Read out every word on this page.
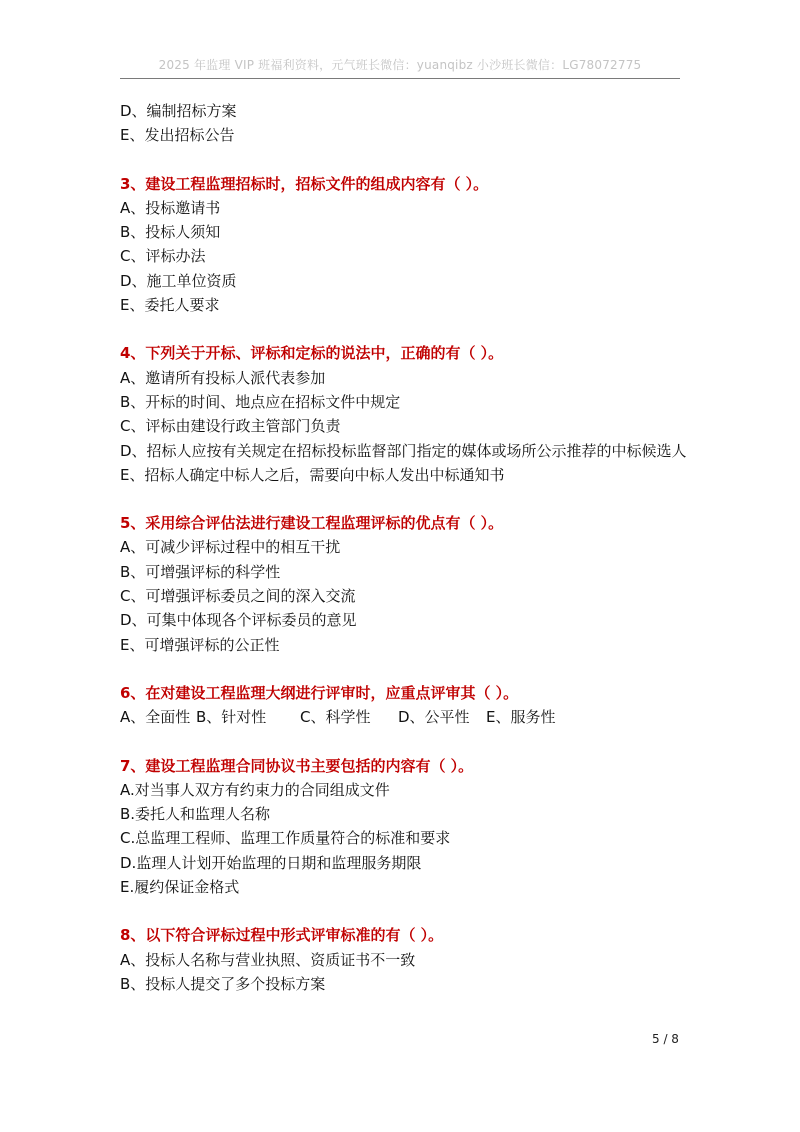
2025 年监理 VIP 班福利资料，元气班长微信：yuanqibz 小沙班长微信：LG78072775
D、编制招标方案
E、发出招标公告
3、建设工程监理招标时，招标文件的组成内容有（ ）。
A、投标邀请书
B、投标人须知
C、评标办法
D、施工单位资质
E、委托人要求
4、下列关于开标、评标和定标的说法中，正确的有（ ）。
A、邀请所有投标人派代表参加
B、开标的时间、地点应在招标文件中规定
C、评标由建设行政主管部门负责
D、招标人应按有关规定在招标投标监督部门指定的媒体或场所公示推荐的中标候选人
E、招标人确定中标人之后，需要向中标人发出中标通知书
5、采用综合评估法进行建设工程监理评标的优点有（ ）。
A、可减少评标过程中的相互干扰
B、可增强评标的科学性
C、可增强评标委员之间的深入交流
D、可集中体现各个评标委员的意见
E、可增强评标的公正性
6、在对建设工程监理大纲进行评审时，应重点评审其（ ）。
A、全面性 B、针对性	C、科学性	D、公平性	E、服务性
7、建设工程监理合同协议书主要包括的内容有（ ）。
A.对当事人双方有约束力的合同组成文件
B.委托人和监理人名称
C.总监理工程师、监理工作质量符合的标准和要求
D.监理人计划开始监理的日期和监理服务期限
E.履约保证金格式
8、以下符合评标过程中形式评审标准的有（ ）。
A、投标人名称与营业执照、资质证书不一致
B、投标人提交了多个投标方案
5 / 8
